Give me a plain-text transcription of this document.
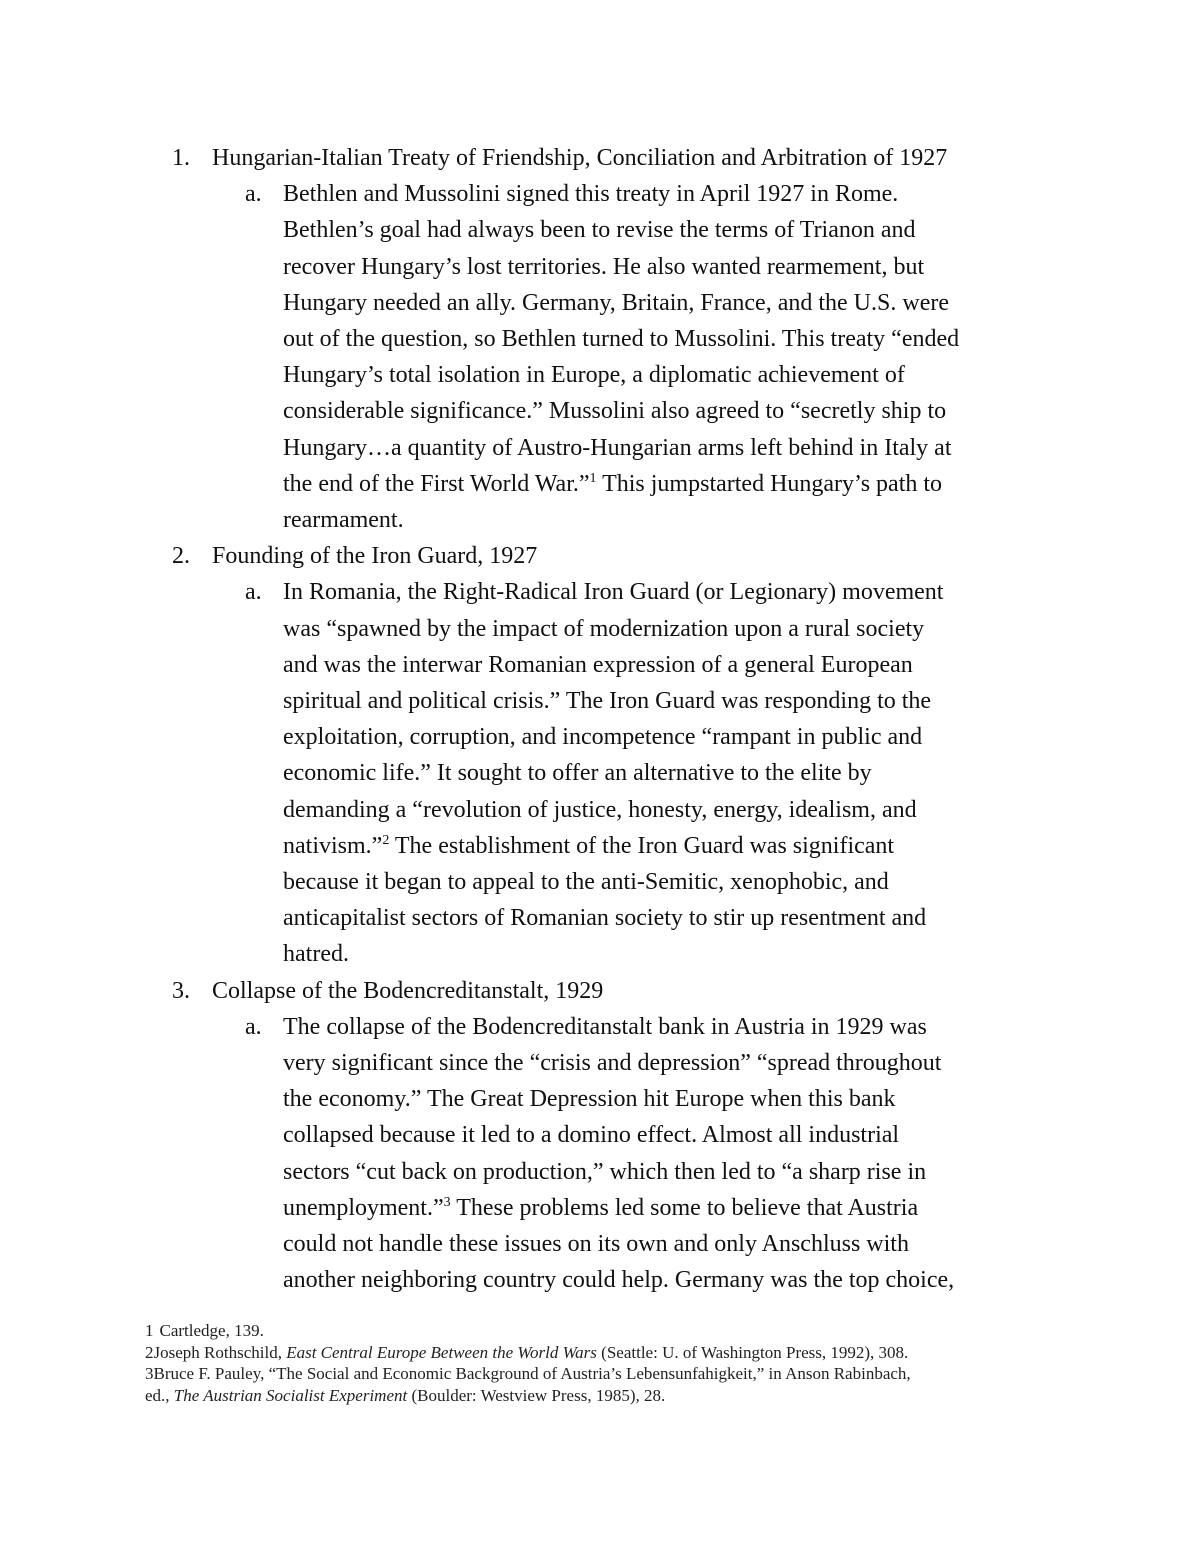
1. Hungarian-Italian Treaty of Friendship, Conciliation and Arbitration of 1927
a. Bethlen and Mussolini signed this treaty in April 1927 in Rome.
Bethlen’s goal had always been to revise the terms of Trianon and
recover Hungary’s lost territories. He also wanted rearmement, but
Hungary needed an ally. Germany, Britain, France, and the U.S. were
out of the question, so Bethlen turned to Mussolini. This treaty “ended
Hungary’s total isolation in Europe, a diplomatic achievement of
considerable significance.” Mussolini also agreed to “secretly ship to
Hungary…a quantity of Austro-Hungarian arms left behind in Italy at
the end of the First World War.”$^1$ This jumpstarted Hungary’s path to
rearmament.

2. Founding of the Iron Guard, 1927
a. In Romania, the Right-Radical Iron Guard (or Legionary) movement
was “spawned by the impact of modernization upon a rural society
and was the interwar Romanian expression of a general European
spiritual and political crisis.” The Iron Guard was responding to the
exploitation, corruption, and incompetence “rampant in public and
economic life.” It sought to offer an alternative to the elite by
demanding a “revolution of justice, honesty, energy, idealism, and
nativism.”$^2$ The establishment of the Iron Guard was significant
because it began to appeal to the anti-Semitic, xenophobic, and
anticapitalist sectors of Romanian society to stir up resentment and
hatred.

3. Collapse of the Bodencreditanstalt, 1929
a. The collapse of the Bodencreditanstalt bank in Austria in 1929 was
very significant since the “crisis and depression” “spread throughout
the economy.” The Great Depression hit Europe when this bank
collapsed because it led to a domino effect. Almost all industrial
sectors “cut back on production,” which then led to “a sharp rise in
unemployment.”$^3$ These problems led some to believe that Austria
could not handle these issues on its own and only Anschluss with
another neighboring country could help. Germany was the top choice,

1 Cartledge, 139.

2Joseph Rothschild, East Central Europe Between the World Wars (Seattle: U. of Washington Press, 1992), 308.

3Bruce F. Pauley, “The Social and Economic Background of Austria’s Lebensunfahigkeit,” in Anson Rabinbach,
ed., The Austrian Socialist Experiment (Boulder: Westview Press, 1985), 28.
